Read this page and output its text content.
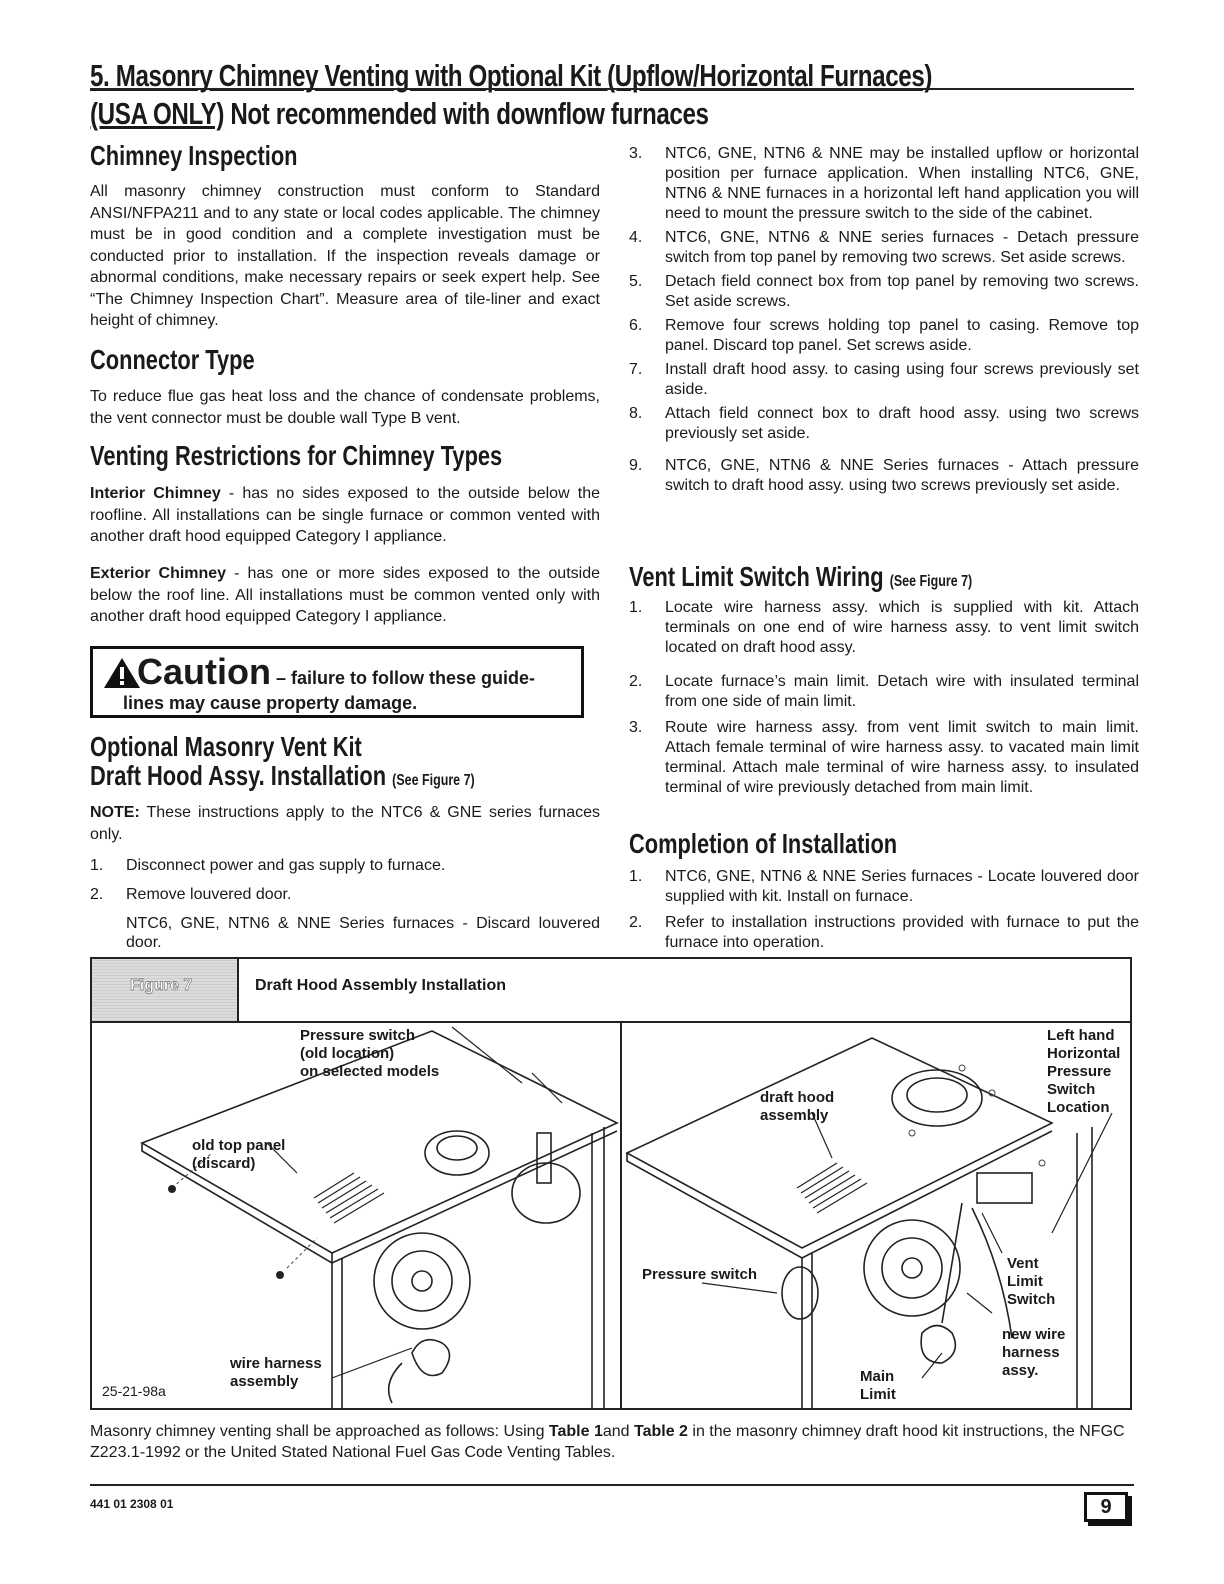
5. Masonry Chimney Venting with Optional Kit (Upflow/Horizontal Furnaces)
(USA ONLY) Not recommended with downflow furnaces
Chimney Inspection
All masonry chimney construction must conform to Standard ANSI/NFPA211 and to any state or local codes applicable. The chimney must be in good condition and a complete investigation must be conducted prior to installation. If the inspection reveals damage or abnormal conditions, make necessary repairs or seek expert help. See “The Chimney Inspection Chart”. Measure area of tile-liner and exact height of chimney.
Connector Type
To reduce flue gas heat loss and the chance of condensate problems, the vent connector must be double wall Type B vent.
Venting Restrictions for Chimney Types
Interior Chimney - has no sides exposed to the outside below the roofline. All installations can be single furnace or common vented with another draft hood equipped Category I appliance.
Exterior Chimney - has one or more sides exposed to the outside below the roof line. All installations must be common vented only with another draft hood equipped Category I appliance.
Caution – failure to follow these guide-
lines may cause property damage.
Optional Masonry Vent Kit
Draft Hood Assy. Installation (See Figure 7)
NOTE: These instructions apply to the NTC6 & GNE series furnaces only.
1. Disconnect power and gas supply to furnace.
2. Remove louvered door.
NTC6, GNE, NTN6 & NNE Series furnaces - Discard louvered door.
3. NTC6, GNE, NTN6 & NNE may be installed upflow or horizontal position per furnace application. When installing NTC6, GNE, NTN6 & NNE furnaces in a horizontal left hand application you will need to mount the pressure switch to the side of the cabinet.
4. NTC6, GNE, NTN6 & NNE series furnaces - Detach pressure switch from top panel by removing two screws. Set aside screws.
5. Detach field connect box from top panel by removing two screws. Set aside screws.
6. Remove four screws holding top panel to casing. Remove top panel. Discard top panel. Set screws aside.
7. Install draft hood assy. to casing using four screws previously set aside.
8. Attach field connect box to draft hood assy. using two screws previously set aside.
9. NTC6, GNE, NTN6 & NNE Series furnaces - Attach pressure switch to draft hood assy. using two screws previously set aside.
Vent Limit Switch Wiring (See Figure 7)
1. Locate wire harness assy. which is supplied with kit. Attach terminals on one end of wire harness assy. to vent limit switch located on draft hood assy.
2. Locate furnace’s main limit. Detach wire with insulated terminal from one side of main limit.
3. Route wire harness assy. from vent limit switch to main limit. Attach female terminal of wire harness assy. to vacated main limit terminal. Attach male terminal of wire harness assy. to insulated terminal of wire previously detached from main limit.
Completion of Installation
1. NTC6, GNE, NTN6 & NNE Series furnaces - Locate louvered door supplied with kit. Install on furnace.
2. Refer to installation instructions provided with furnace to put the furnace into operation.
Figure 7	Draft Hood Assembly Installation
Pressure switch
(old location)
on selected models
old top panel
(discard)
wire harness
assembly
25-21-98a
Left hand
Horizontal
Pressure
Switch
Location
draft hood
assembly
Pressure switch
Vent
Limit
Switch
new wire
harness
assy.
Main
Limit
Masonry chimney venting shall be approached as follows: Using Table 1and Table 2 in the masonry chimney draft hood kit instructions, the NFGC Z223.1-1992 or the United Stated National Fuel Gas Code Venting Tables.
441 01 2308 01	9
